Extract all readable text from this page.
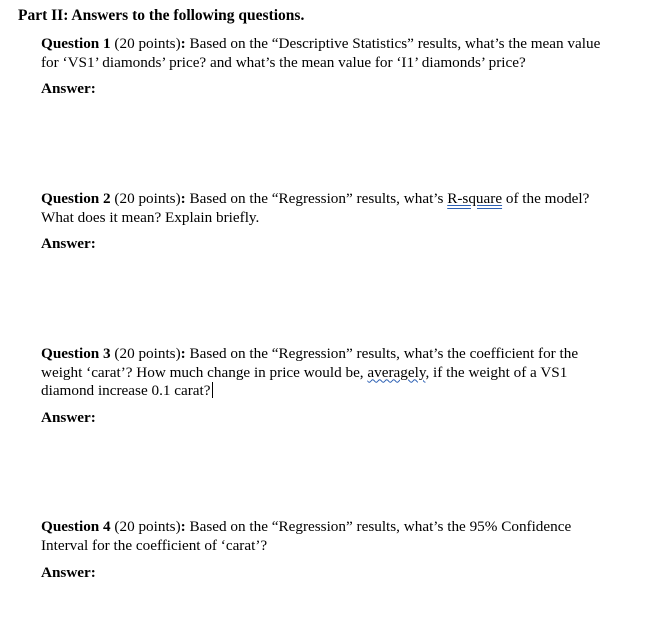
Part II: Answers to the following questions.
Question 1 (20 points): Based on the “Descriptive Statistics” results, what’s the mean value
for ‘VS1’ diamonds’ price? and what’s the mean value for ‘I1’ diamonds’ price?
Answer:
Question 2 (20 points): Based on the “Regression” results, what’s R-square of the model?
What does it mean? Explain briefly.
Answer:
Question 3 (20 points): Based on the “Regression” results, what’s the coefficient for the
weight ‘carat’? How much change in price would be, averagely, if the weight of a VS1
diamond increase 0.1 carat?
Answer:
Question 4 (20 points): Based on the “Regression” results, what’s the 95% Confidence
Interval for the coefficient of ‘carat’?
Answer:
